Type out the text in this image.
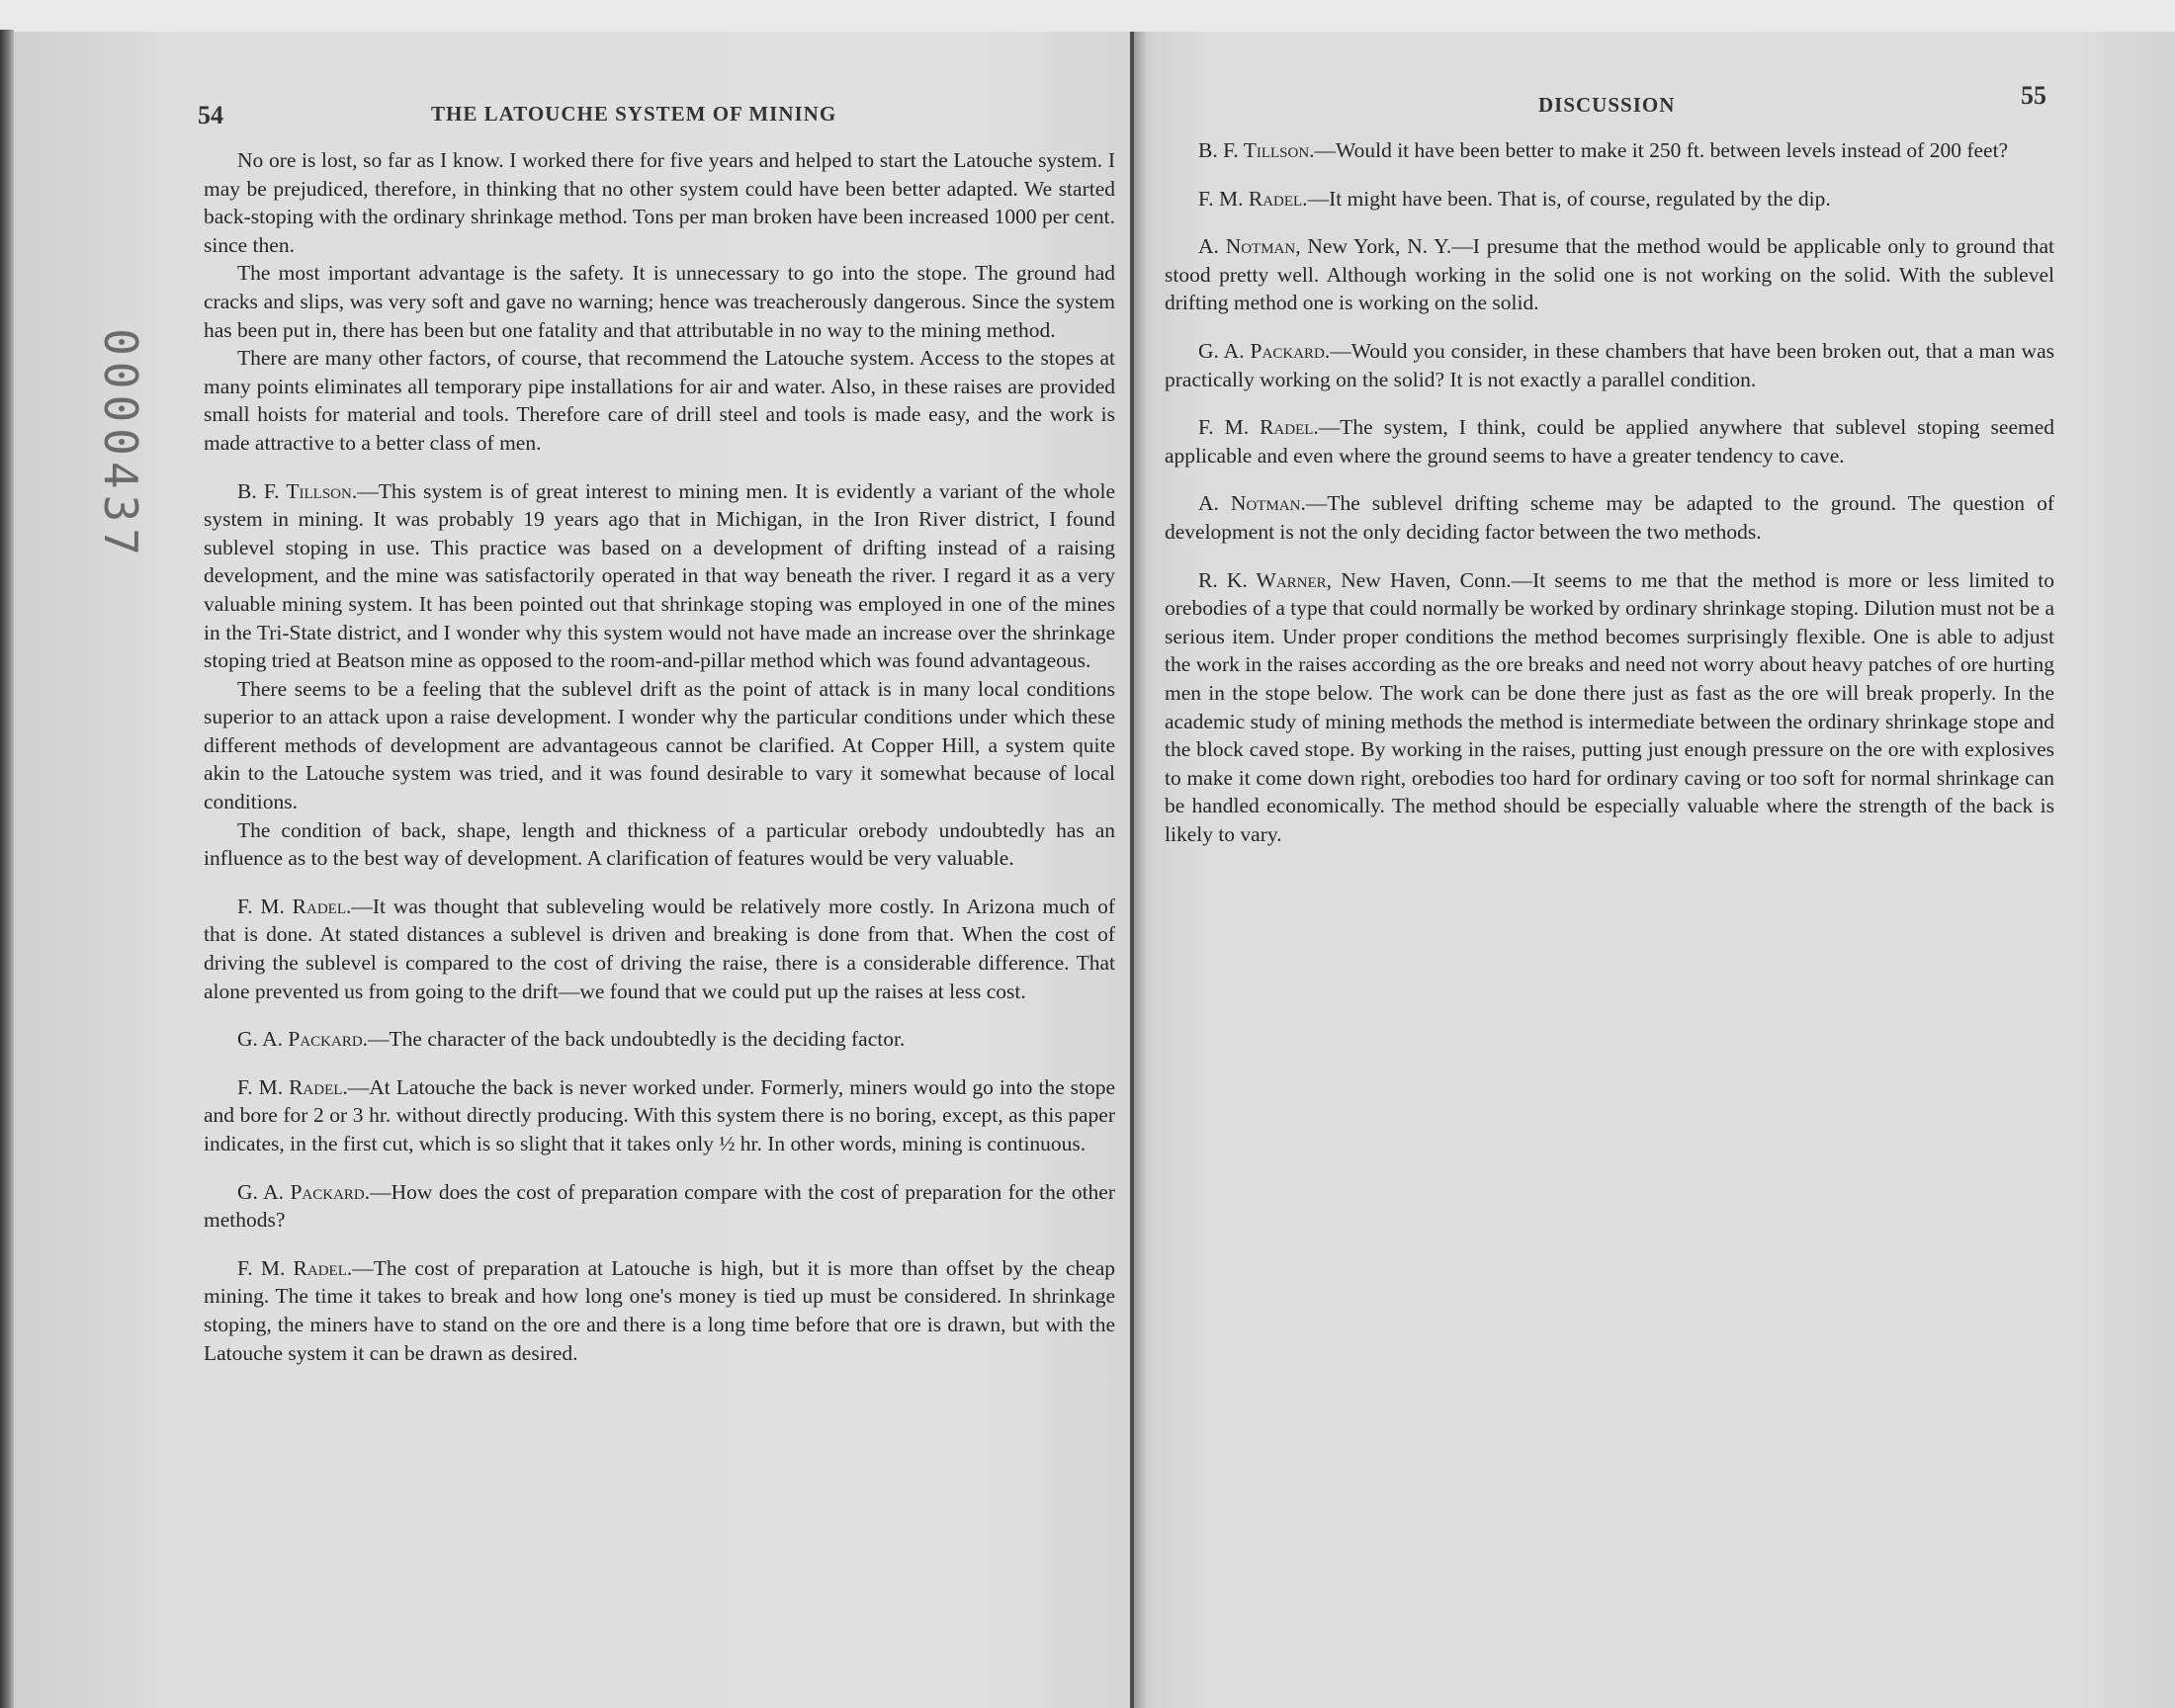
0000437
54	THE LATOUCHE SYSTEM OF MINING	DISCUSSION	55

No ore is lost, so far as I know. I worked there for five years and helped to start the Latouche system. I may be prejudiced, therefore, in thinking that no other system could have been better adapted. We started back-stoping with the ordinary shrinkage method. Tons per man broken have been increased 1000 per cent. since then.

The most important advantage is the safety. It is unnecessary to go into the stope. The ground had cracks and slips, was very soft and gave no warning; hence was treacherously dangerous. Since the system has been put in, there has been but one fatality and that attributable in no way to the mining method.

There are many other factors, of course, that recommend the Latouche system. Access to the stopes at many points eliminates all temporary pipe installations for air and water. Also, in these raises are provided small hoists for material and tools. Therefore care of drill steel and tools is made easy, and the work is made attractive to a better class of men.

B. F. Tillson.—This system is of great interest to mining men. It is evidently a variant of the whole system in mining. It was probably 19 years ago that in Michigan, in the Iron River district, I found sublevel stoping in use. This practice was based on a development of drifting instead of a raising development, and the mine was satisfactorily operated in that way beneath the river. I regard it as a very valuable mining system. It has been pointed out that shrinkage stoping was employed in one of the mines in the Tri-State district, and I wonder why this system would not have made an increase over the shrinkage stoping tried at Beatson mine as opposed to the room-and-pillar method which was found advantageous.

There seems to be a feeling that the sublevel drift as the point of attack is in many local conditions superior to an attack upon a raise development. I wonder why the particular conditions under which these different methods of development are advantageous cannot be clarified. At Copper Hill, a system quite akin to the Latouche system was tried, and it was found desirable to vary it somewhat because of local conditions.

The condition of back, shape, length and thickness of a particular orebody undoubtedly has an influence as to the best way of development. A clarification of features would be very valuable.

F. M. Radel.—It was thought that subleveling would be relatively more costly. In Arizona much of that is done. At stated distances a sublevel is driven and breaking is done from that. When the cost of driving the sublevel is compared to the cost of driving the raise, there is a considerable difference. That alone prevented us from going to the drift—we found that we could put up the raises at less cost.

G. A. Packard.—The character of the back undoubtedly is the deciding factor.

F. M. Radel.—At Latouche the back is never worked under. Formerly, miners would go into the stope and bore for 2 or 3 hr. without directly producing. With this system there is no boring, except, as this paper indicates, in the first cut, which is so slight that it takes only ½ hr. In other words, mining is continuous.

G. A. Packard.—How does the cost of preparation compare with the cost of preparation for the other methods?

F. M. Radel.—The cost of preparation at Latouche is high, but it is more than offset by the cheap mining. The time it takes to break and how long one's money is tied up must be considered. In shrinkage stoping, the miners have to stand on the ore and there is a long time before that ore is drawn, but with the Latouche system it can be drawn as desired.

B. F. Tillson.—Would it have been better to make it 250 ft. between levels instead of 200 feet?

F. M. Radel.—It might have been. That is, of course, regulated by the dip.

A. Notman, New York, N. Y.—I presume that the method would be applicable only to ground that stood pretty well. Although working in the solid one is not working on the solid. With the sublevel drifting method one is working on the solid.

G. A. Packard.—Would you consider, in these chambers that have been broken out, that a man was practically working on the solid? It is not exactly a parallel condition.

F. M. Radel.—The system, I think, could be applied anywhere that sublevel stoping seemed applicable and even where the ground seems to have a greater tendency to cave.

A. Notman.—The sublevel drifting scheme may be adapted to the ground. The question of development is not the only deciding factor between the two methods.

R. K. Warner, New Haven, Conn.—It seems to me that the method is more or less limited to orebodies of a type that could normally be worked by ordinary shrinkage stoping. Dilution must not be a serious item. Under proper conditions the method becomes surprisingly flexible. One is able to adjust the work in the raises according as the ore breaks and need not worry about heavy patches of ore hurting men in the stope below. The work can be done there just as fast as the ore will break properly. In the academic study of mining methods the method is intermediate between the ordinary shrinkage stope and the block caved stope. By working in the raises, putting just enough pressure on the ore with explosives to make it come down right, orebodies too hard for ordinary caving or too soft for normal shrinkage can be handled economically. The method should be especially valuable where the strength of the back is likely to vary.
